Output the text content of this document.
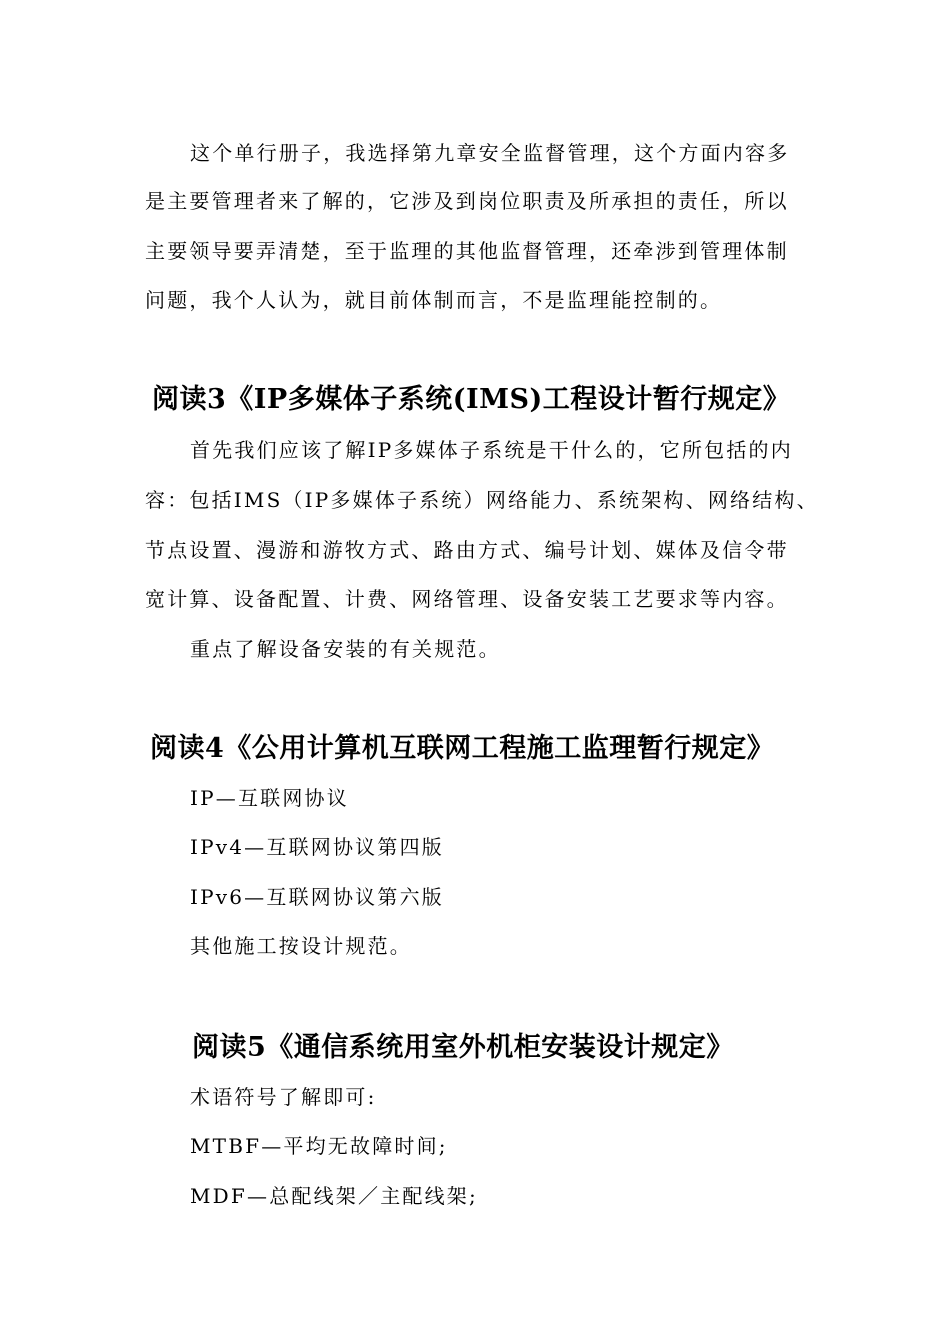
这个单行册子，我选择第九章安全监督管理，这个方面内容多

是主要管理者来了解的，它涉及到岗位职责及所承担的责任，所以

主要领导要弄清楚，至于监理的其他监督管理，还牵涉到管理体制

问题，我个人认为，就目前体制而言，不是监理能控制的。

阅读3《IP多媒体子系统(IMS)工程设计暂行规定》

首先我们应该了解IP多媒体子系统是干什么的，它所包括的内

容：包括IMS（IP多媒体子系统）网络能力、系统架构、网络结构、

节点设置、漫游和游牧方式、路由方式、编号计划、媒体及信令带

宽计算、设备配置、计费、网络管理、设备安装工艺要求等内容。

重点了解设备安装的有关规范。

阅读4《公用计算机互联网工程施工监理暂行规定》

IP—互联网协议

IPv4—互联网协议第四版

IPv6—互联网协议第六版

其他施工按设计规范。

阅读5《通信系统用室外机柜安装设计规定》

术语符号了解即可:

MTBF—平均无故障时间;

MDF—总配线架／主配线架;
